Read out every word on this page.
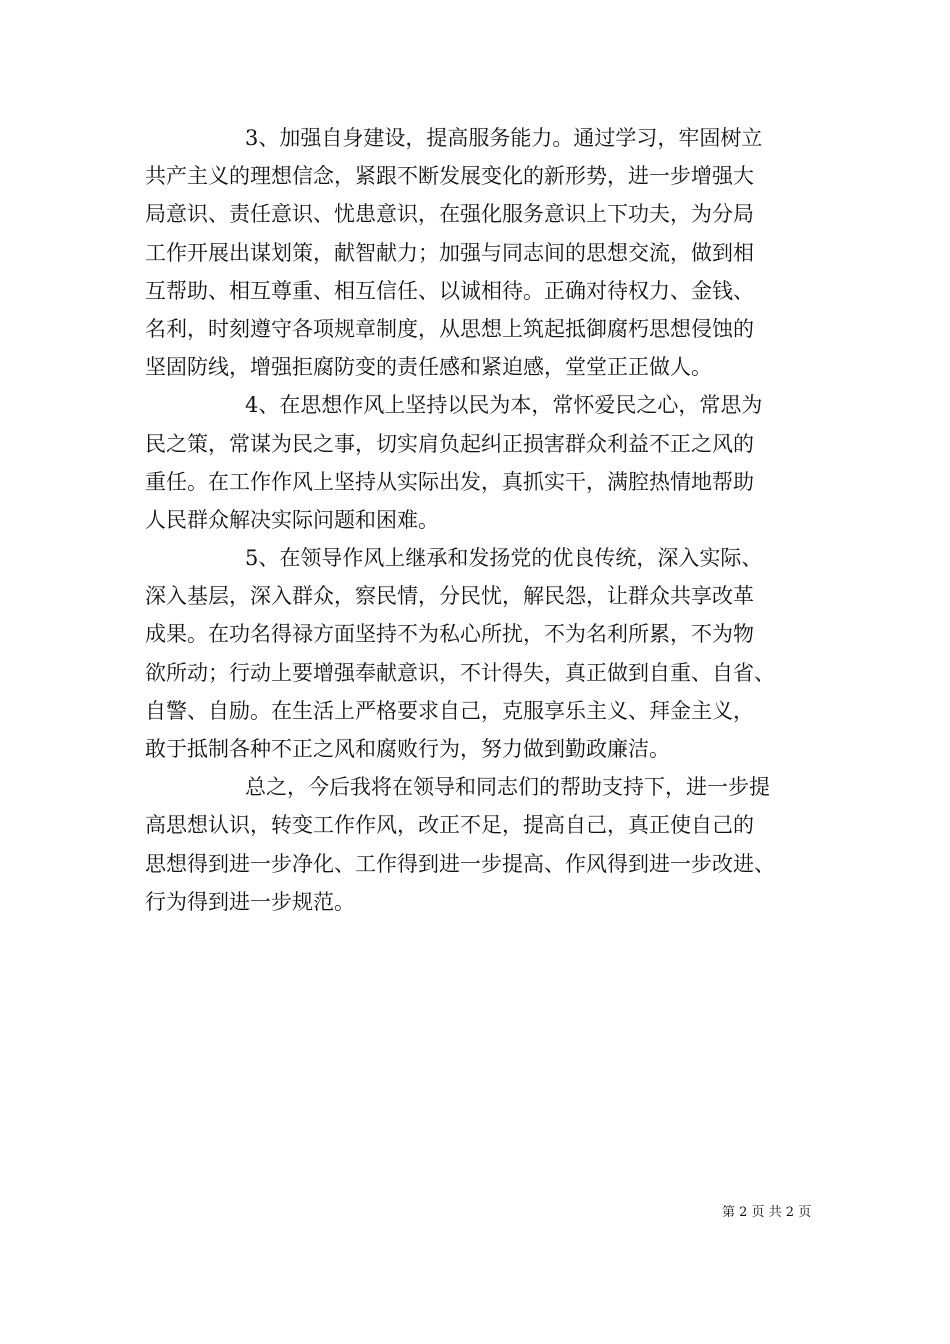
3、加强自身建设，提高服务能力。通过学习，牢固树立
共产主义的理想信念，紧跟不断发展变化的新形势，进一步增强大
局意识、责任意识、忧患意识，在强化服务意识上下功夫，为分局
工作开展出谋划策，献智献力；加强与同志间的思想交流，做到相
互帮助、相互尊重、相互信任、以诚相待。正确对待权力、金钱、
名利，时刻遵守各项规章制度，从思想上筑起抵御腐朽思想侵蚀的
坚固防线，增强拒腐防变的责任感和紧迫感，堂堂正正做人。
4、在思想作风上坚持以民为本，常怀爱民之心，常思为
民之策，常谋为民之事，切实肩负起纠正损害群众利益不正之风的
重任。在工作作风上坚持从实际出发，真抓实干，满腔热情地帮助
人民群众解决实际问题和困难。
5、在领导作风上继承和发扬党的优良传统，深入实际、
深入基层，深入群众，察民情，分民忧，解民怨，让群众共享改革
成果。在功名得禄方面坚持不为私心所扰，不为名利所累，不为物
欲所动；行动上要增强奉献意识，不计得失，真正做到自重、自省、
自警、自励。在生活上严格要求自己，克服享乐主义、拜金主义，
敢于抵制各种不正之风和腐败行为，努力做到勤政廉洁。
总之，今后我将在领导和同志们的帮助支持下，进一步提
高思想认识，转变工作作风，改正不足，提高自己，真正使自己的
思想得到进一步净化、工作得到进一步提高、作风得到进一步改进、
行为得到进一步规范。
第 2 页 共 2 页
